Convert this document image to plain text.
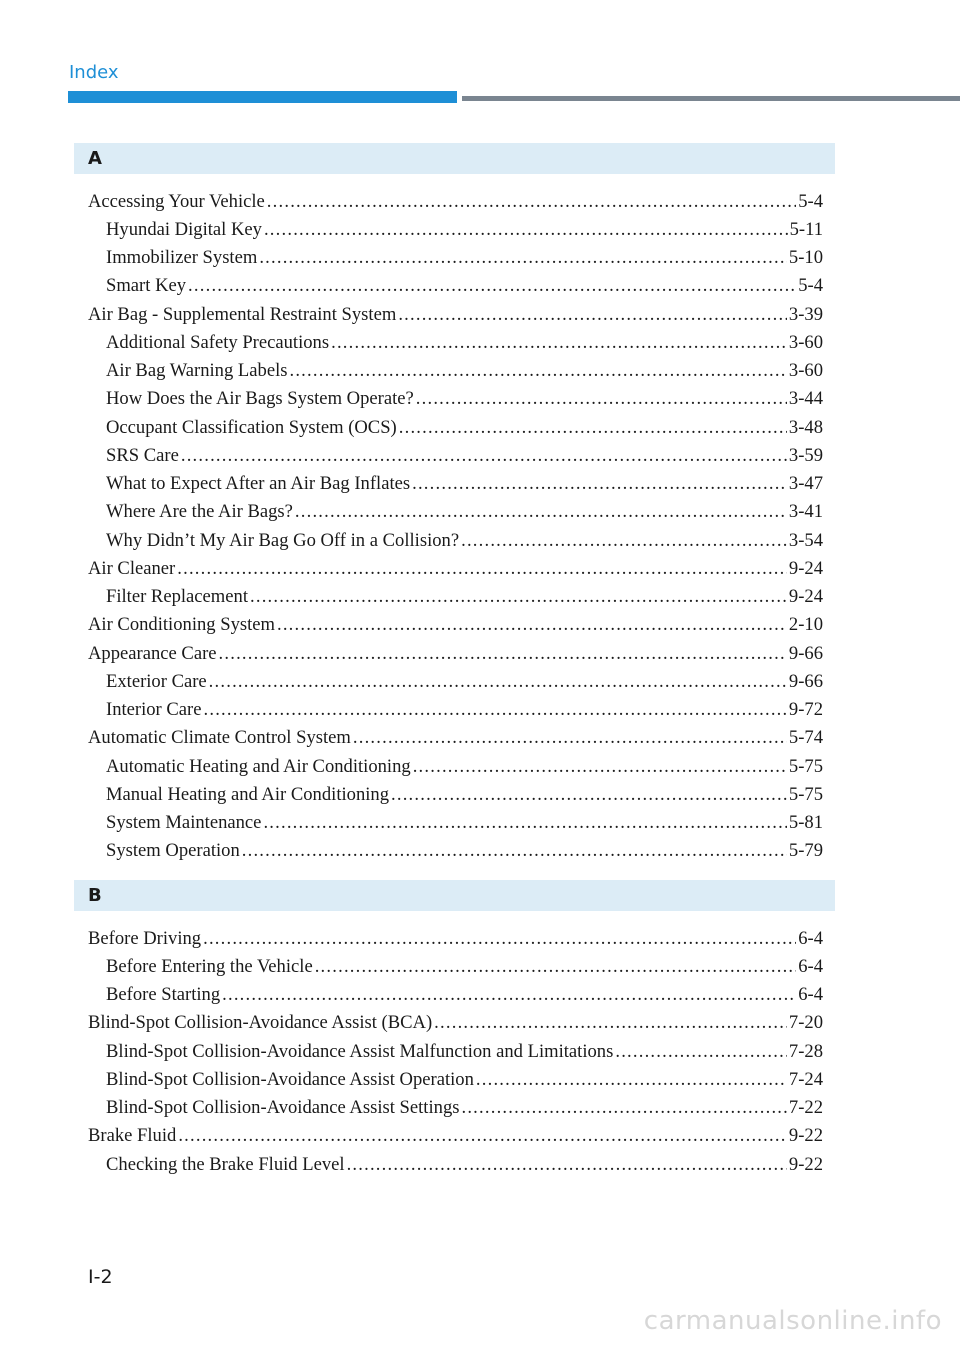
Index
A
Accessing Your Vehicle .....	5-4
Hyundai Digital Key .....	5-11
Immobilizer System .....	5-10
Smart Key .....	5-4
Air Bag - Supplemental Restraint System .....	3-39
Additional Safety Precautions .....	3-60
Air Bag Warning Labels .....	3-60
How Does the Air Bags System Operate? .....	3-44
Occupant Classification System (OCS) .....	3-48
SRS Care .....	3-59
What to Expect After an Air Bag Inflates .....	3-47
Where Are the Air Bags? .....	3-41
Why Didn’t My Air Bag Go Off in a Collision? .....	3-54
Air Cleaner .....	9-24
Filter Replacement .....	9-24
Air Conditioning System .....	2-10
Appearance Care .....	9-66
Exterior Care .....	9-66
Interior Care .....	9-72
Automatic Climate Control System .....	5-74
Automatic Heating and Air Conditioning .....	5-75
Manual Heating and Air Conditioning .....	5-75
System Maintenance .....	5-81
System Operation .....	5-79
B
Before Driving .....	6-4
Before Entering the Vehicle .....	6-4
Before Starting .....	6-4
Blind-Spot Collision-Avoidance Assist (BCA) .....	7-20
Blind-Spot Collision-Avoidance Assist Malfunction and Limitations .....	7-28
Blind-Spot Collision-Avoidance Assist Operation .....	7-24
Blind-Spot Collision-Avoidance Assist Settings .....	7-22
Brake Fluid .....	9-22
Checking the Brake Fluid Level .....	9-22
I-2
carmanualsonline.info
